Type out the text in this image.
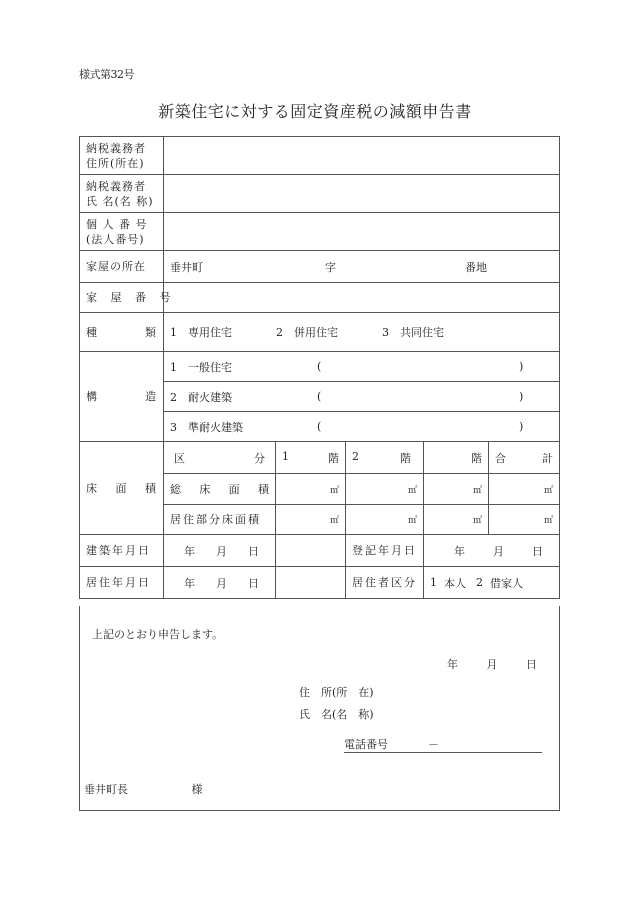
様式第32号
新築住宅に対する固定資産税の減額申告書
納税義務者
住所(所在)					

納税義務者
氏 名(名 称)					

個 人 番 号
(法人番号)					

家屋の所在	垂井町 字 番地				

家 屋 番 号					

種 類	1　専用住宅 2　併用住宅 3　共同住宅				

構 造	1　一般住宅 ( )				

	2　耐火建築 ( )				

	3　準耐火建築 ( )				

床 面 積	区 分	1 階	2 階	階	合 計

	総 床 面 積	㎡	㎡	㎡	㎡
	居住部分床面積	㎡	㎡	㎡	㎡
建築年月日	年 月 日		登記年月日	年 月 日	

居住年月日	年 月 日		居住者区分	1 本人 2 借家人	
上記のとおり申告します。
年	月	日
住　所(所　在)
氏　名(名　称)
電話番号	－
垂井町長	様
